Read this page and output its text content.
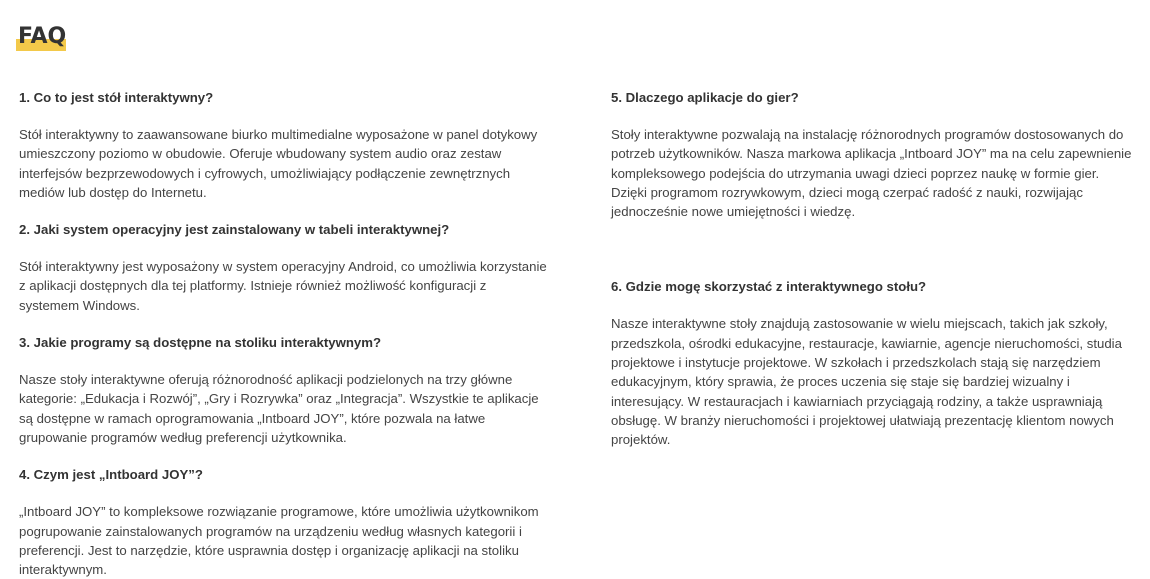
FAQ

1. Co to jest stół interaktywny?

Stół interaktywny to zaawansowane biurko multimedialne wyposażone w panel dotykowy umieszczony poziomo w obudowie. Oferuje wbudowany system audio oraz zestaw interfejsów bezprzewodowych i cyfrowych, umożliwiający podłączenie zewnętrznych mediów lub dostęp do Internetu.

2. Jaki system operacyjny jest zainstalowany w tabeli interaktywnej?

Stół interaktywny jest wyposażony w system operacyjny Android, co umożliwia korzystanie z aplikacji dostępnych dla tej platformy. Istnieje również możliwość konfiguracji z systemem Windows.

3. Jakie programy są dostępne na stoliku interaktywnym?

Nasze stoły interaktywne oferują różnorodność aplikacji podzielonych na trzy główne kategorie: „Edukacja i Rozwój”, „Gry i Rozrywka” oraz „Integracja”. Wszystkie te aplikacje są dostępne w ramach oprogramowania „Intboard JOY”, które pozwala na łatwe grupowanie programów według preferencji użytkownika.

4. Czym jest „Intboard JOY”?

„Intboard JOY” to kompleksowe rozwiązanie programowe, które umożliwia użytkownikom pogrupowanie zainstalowanych programów na urządzeniu według własnych kategorii i preferencji. Jest to narzędzie, które usprawnia dostęp i organizację aplikacji na stoliku interaktywnym.

5. Dlaczego aplikacje do gier?

Stoły interaktywne pozwalają na instalację różnorodnych programów dostosowanych do potrzeb użytkowników. Nasza markowa aplikacja „Intboard JOY” ma na celu zapewnienie kompleksowego podejścia do utrzymania uwagi dzieci poprzez naukę w formie gier. Dzięki programom rozrywkowym, dzieci mogą czerpać radość z nauki, rozwijając jednocześnie nowe umiejętności i wiedzę.

6. Gdzie mogę skorzystać z interaktywnego stołu?

Nasze interaktywne stoły znajdują zastosowanie w wielu miejscach, takich jak szkoły, przedszkola, ośrodki edukacyjne, restauracje, kawiarnie, agencje nieruchomości, studia projektowe i instytucje projektowe. W szkołach i przedszkolach stają się narzędziem edukacyjnym, który sprawia, że proces uczenia się staje się bardziej wizualny i interesujący. W restauracjach i kawiarniach przyciągają rodziny, a także usprawniają obsługę. W branży nieruchomości i projektowej ułatwiają prezentację klientom nowych projektów.
